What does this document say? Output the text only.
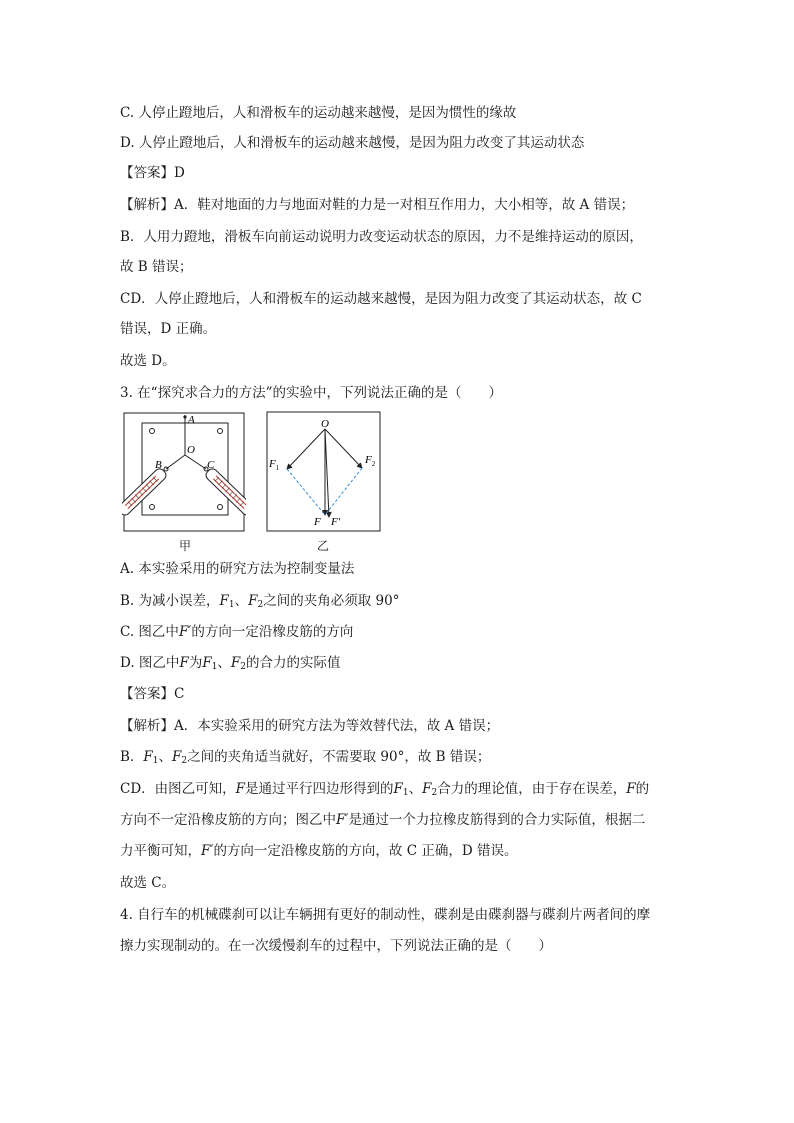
C. 人停止蹬地后，人和滑板车的运动越来越慢，是因为惯性的缘故
D. 人停止蹬地后，人和滑板车的运动越来越慢，是因为阻力改变了其运动状态
【答案】D
【解析】A．鞋对地面的力与地面对鞋的力是一对相互作用力，大小相等，故 A 错误；
B．人用力蹬地，滑板车向前运动说明力改变运动状态的原因，力不是维持运动的原因，
故 B 错误；
CD．人停止蹬地后，人和滑板车的运动越来越慢，是因为阻力改变了其运动状态，故 C
错误，D 正确。
故选 D。
3. 在“探究求合力的方法”的实验中，下列说法正确的是（　　）
A
O
B	C
甲
O
$F_1$
$F_2$
F F′
乙
A. 本实验采用的研究方法为控制变量法
B. 为减小误差，$F_1$、$F_2$之间的夹角必须取 90°
C. 图乙中F′的方向一定沿橡皮筋的方向
D. 图乙中F为$F_1$、$F_2$的合力的实际值
【答案】C
【解析】A．本实验采用的研究方法为等效替代法，故 A 错误；
B．$F_1$、$F_2$之间的夹角适当就好，不需要取 90°，故 B 错误；
CD．由图乙可知，F是通过平行四边形得到的$F_1$、$F_2$合力的理论值，由于存在误差，F的
方向不一定沿橡皮筋的方向；图乙中F′是通过一个力拉橡皮筋得到的合力实际值，根据二
力平衡可知，F′的方向一定沿橡皮筋的方向，故 C 正确，D 错误。
故选 C。
4. 自行车的机械碟刹可以让车辆拥有更好的制动性，碟刹是由碟刹器与碟刹片两者间的摩
擦力实现制动的。在一次缓慢刹车的过程中，下列说法正确的是（　　）
